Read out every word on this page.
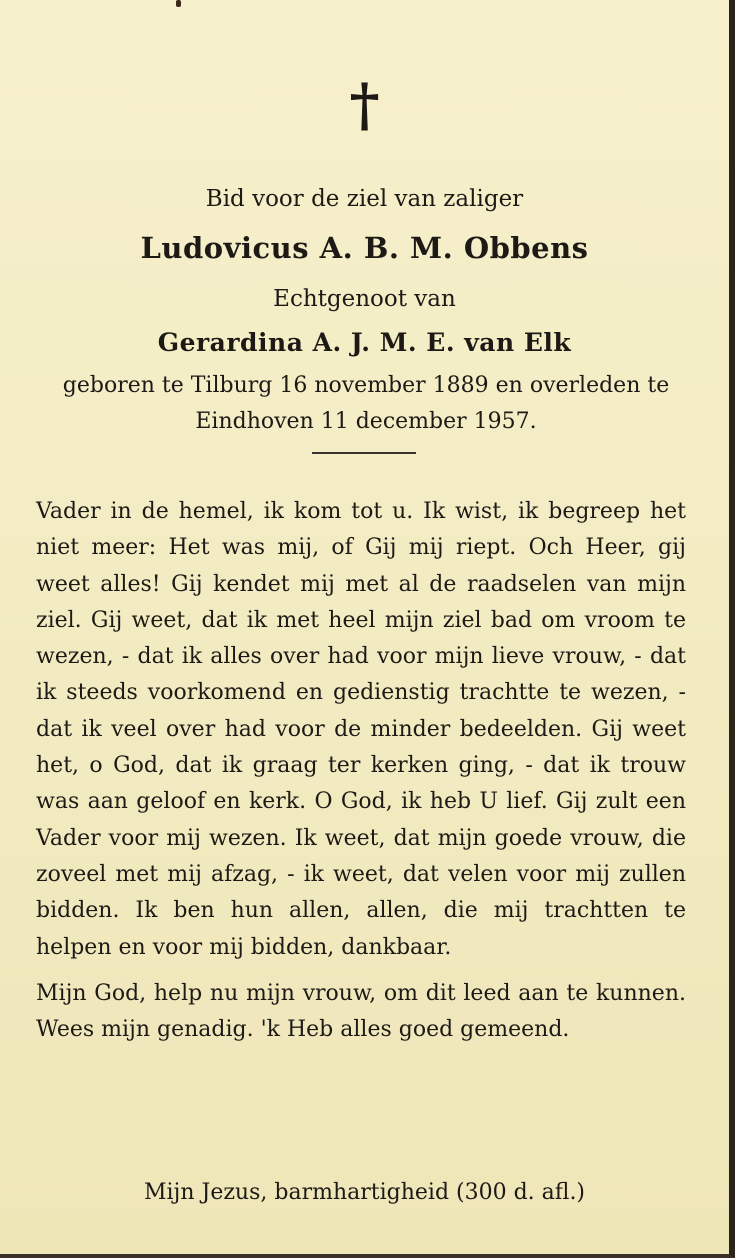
†
Bid voor de ziel van zaliger
Ludovicus A. B. M. Obbens
Echtgenoot van
Gerardina A. J. M. E. van Elk
geboren te Tilburg 16 november 1889 en overleden te Eindhoven 11 december 1957.

Vader in de hemel, ik kom tot u. Ik wist, ik begreep het niet meer: Het was mij, of Gij mij riept. Och Heer, gij weet alles! Gij kendet mij met al de raadselen van mijn ziel. Gij weet, dat ik met heel mijn ziel bad om vroom te wezen, - dat ik alles over had voor mijn lieve vrouw, - dat ik steeds voorkomend en gedienstig trachtte te wezen, - dat ik veel over had voor de minder bedeelden. Gij weet het, o God, dat ik graag ter kerken ging, - dat ik trouw was aan geloof en kerk. O God, ik heb U lief. Gij zult een Vader voor mij wezen. Ik weet, dat mijn goede vrouw, die zoveel met mij afzag, - ik weet, dat velen voor mij zullen bidden. Ik ben hun allen, allen, die mij trachtten te helpen en voor mij bidden, dankbaar.

Mijn God, help nu mijn vrouw, om dit leed aan te kunnen. Wees mijn genadig. 'k Heb alles goed gemeend.

Mijn Jezus, barmhartigheid (300 d. afl.)
